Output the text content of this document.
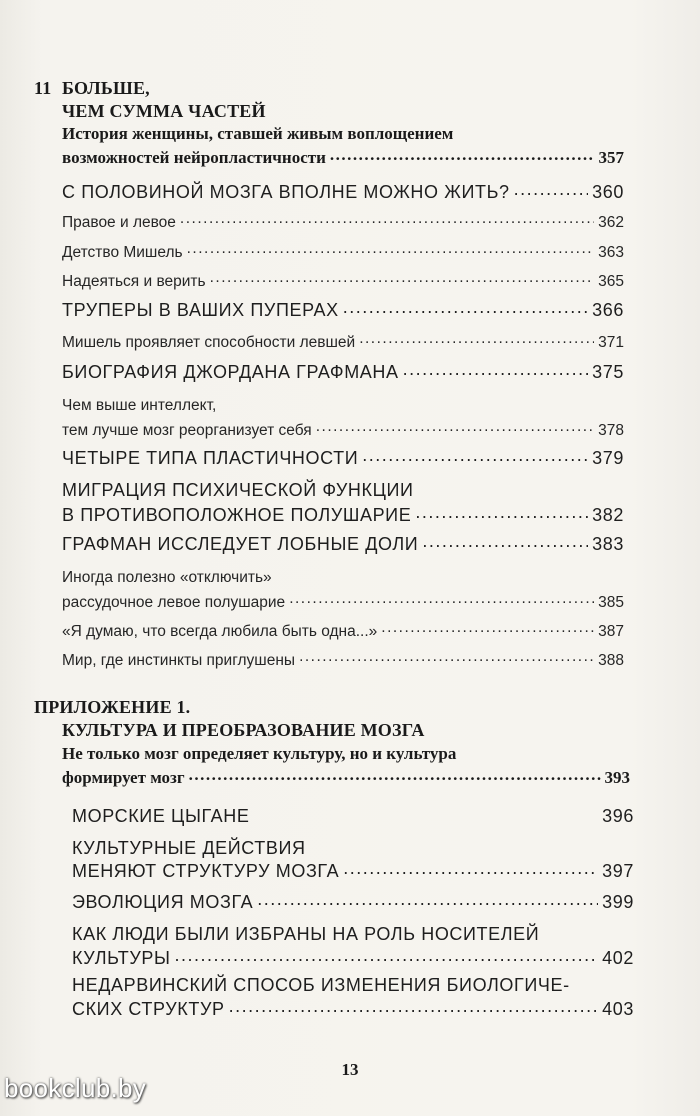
11 БОЛЬШЕ,
ЧЕМ СУММА ЧАСТЕЙ
История женщины, ставшей живым воплощением
возможностей нейропластичности .....	357
С ПОЛОВИНОЙ МОЗГА ВПОЛНЕ МОЖНО ЖИТЬ? .....	360
Правое и левое .....	362
Детство Мишель .....	363
Надеяться и верить .....	365
ТРУПЕРЫ В ВАШИХ ПУПЕРАХ .....	366
Мишель проявляет способности левшей .....	371
БИОГРАФИЯ ДЖОРДАНА ГРАФМАНА .....	375
Чем выше интеллект,
тем лучше мозг реорганизует себя .....	378
ЧЕТЫРЕ ТИПА ПЛАСТИЧНОСТИ .....	379
МИГРАЦИЯ ПСИХИЧЕСКОЙ ФУНКЦИИ
В ПРОТИВОПОЛОЖНОЕ ПОЛУШАРИЕ .....	382
ГРАФМАН ИССЛЕДУЕТ ЛОБНЫЕ ДОЛИ .....	383
Иногда полезно «отключить»
рассудочное левое полушарие .....	385
«Я думаю, что всегда любила быть одна...» .....	387
Мир, где инстинкты приглушены .....	388
ПРИЛОЖЕНИЕ 1.
КУЛЬТУРА И ПРЕОБРАЗОВАНИЕ МОЗГА
Не только мозг определяет культуру, но и культура
формирует мозг .....	393
МОРСКИЕ ЦЫГАНЕ	396
КУЛЬТУРНЫЕ ДЕЙСТВИЯ
МЕНЯЮТ СТРУКТУРУ МОЗГА .....	397
ЭВОЛЮЦИЯ МОЗГА .....	399
КАК ЛЮДИ БЫЛИ ИЗБРАНЫ НА РОЛЬ НОСИТЕЛЕЙ
КУЛЬТУРЫ .....	402
НЕДАРВИНСКИЙ СПОСОБ ИЗМЕНЕНИЯ БИОЛОГИЧЕ-
СКИХ СТРУКТУР .....	403
13
bookclub.by
